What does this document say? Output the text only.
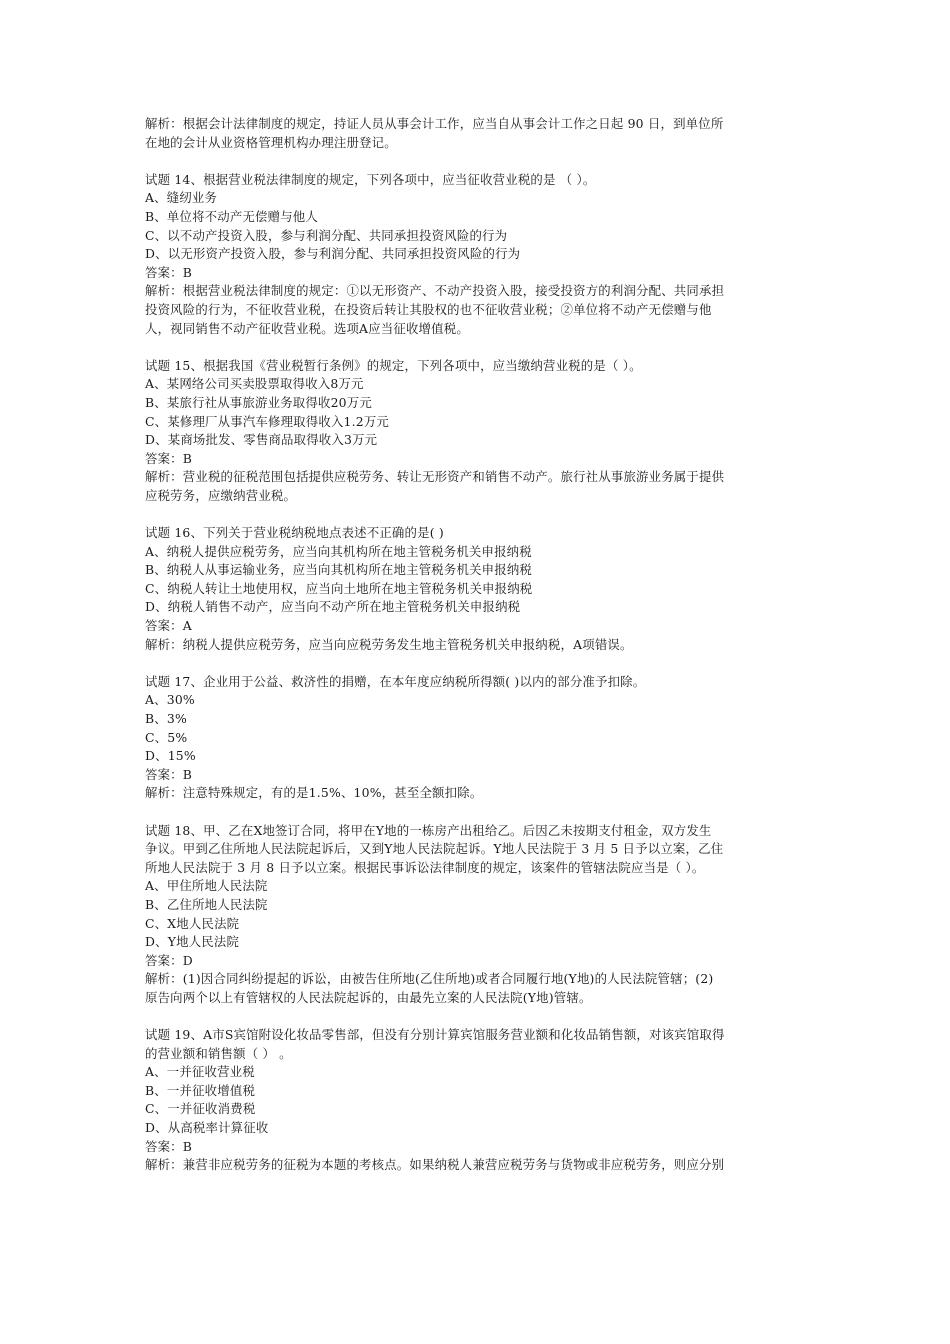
解析：根据会计法律制度的规定，持证人员从事会计工作，应当自从事会计工作之日起 90 日，到单位所
在地的会计从业资格管理机构办理注册登记。
试题 14、根据营业税法律制度的规定，下列各项中，应当征收营业税的是 （ ）。
A、缝纫业务
B、单位将不动产无偿赠与他人
C、以不动产投资入股，参与利润分配、共同承担投资风险的行为
D、以无形资产投资入股，参与利润分配、共同承担投资风险的行为
答案：B
解析：根据营业税法律制度的规定：①以无形资产、不动产投资入股，接受投资方的利润分配、共同承担
投资风险的行为，不征收营业税，在投资后转让其股权的也不征收营业税；②单位将不动产无偿赠与他
人，视同销售不动产征收营业税。选项A应当征收增值税。
试题 15、根据我国《营业税暂行条例》的规定，下列各项中，应当缴纳营业税的是（ ）。
A、某网络公司买卖股票取得收入8万元
B、某旅行社从事旅游业务取得收20万元
C、某修理厂从事汽车修理取得收入1.2万元
D、某商场批发、零售商品取得收入3万元
答案：B
解析：营业税的征税范围包括提供应税劳务、转让无形资产和销售不动产。旅行社从事旅游业务属于提供
应税劳务，应缴纳营业税。
试题 16、下列关于营业税纳税地点表述不正确的是( )
A、纳税人提供应税劳务，应当向其机构所在地主管税务机关申报纳税
B、纳税人从事运输业务，应当向其机构所在地主管税务机关申报纳税
C、纳税人转让土地使用权，应当向土地所在地主管税务机关申报纳税
D、纳税人销售不动产，应当向不动产所在地主管税务机关申报纳税
答案：A
解析：纳税人提供应税劳务，应当向应税劳务发生地主管税务机关申报纳税，A项错误。
试题 17、企业用于公益、救济性的捐赠，在本年度应纳税所得额( )以内的部分准予扣除。
A、30%
B、3%
C、5%
D、15%
答案：B
解析：注意特殊规定，有的是1.5%、10%，甚至全额扣除。
试题 18、甲、乙在X地签订合同，将甲在Y地的一栋房产出租给乙。后因乙未按期支付租金，双方发生
争议。甲到乙住所地人民法院起诉后，又到Y地人民法院起诉。Y地人民法院于 3 月 5 日予以立案，乙住
所地人民法院于 3 月 8 日予以立案。根据民事诉讼法律制度的规定，该案件的管辖法院应当是（ ）。
A、甲住所地人民法院
B、乙住所地人民法院
C、X地人民法院
D、Y地人民法院
答案：D
解析：(1)因合同纠纷提起的诉讼，由被告住所地(乙住所地)或者合同履行地(Y地)的人民法院管辖；(2)
原告向两个以上有管辖权的人民法院起诉的，由最先立案的人民法院(Y地)管辖。
试题 19、A市S宾馆附设化妆品零售部，但没有分别计算宾馆服务营业额和化妆品销售额，对该宾馆取得
的营业额和销售额（ ） 。
A、一并征收营业税
B、一并征收增值税
C、一并征收消费税
D、从高税率计算征收
答案：B
解析：兼营非应税劳务的征税为本题的考核点。如果纳税人兼营应税劳务与货物或非应税劳务，则应分别
